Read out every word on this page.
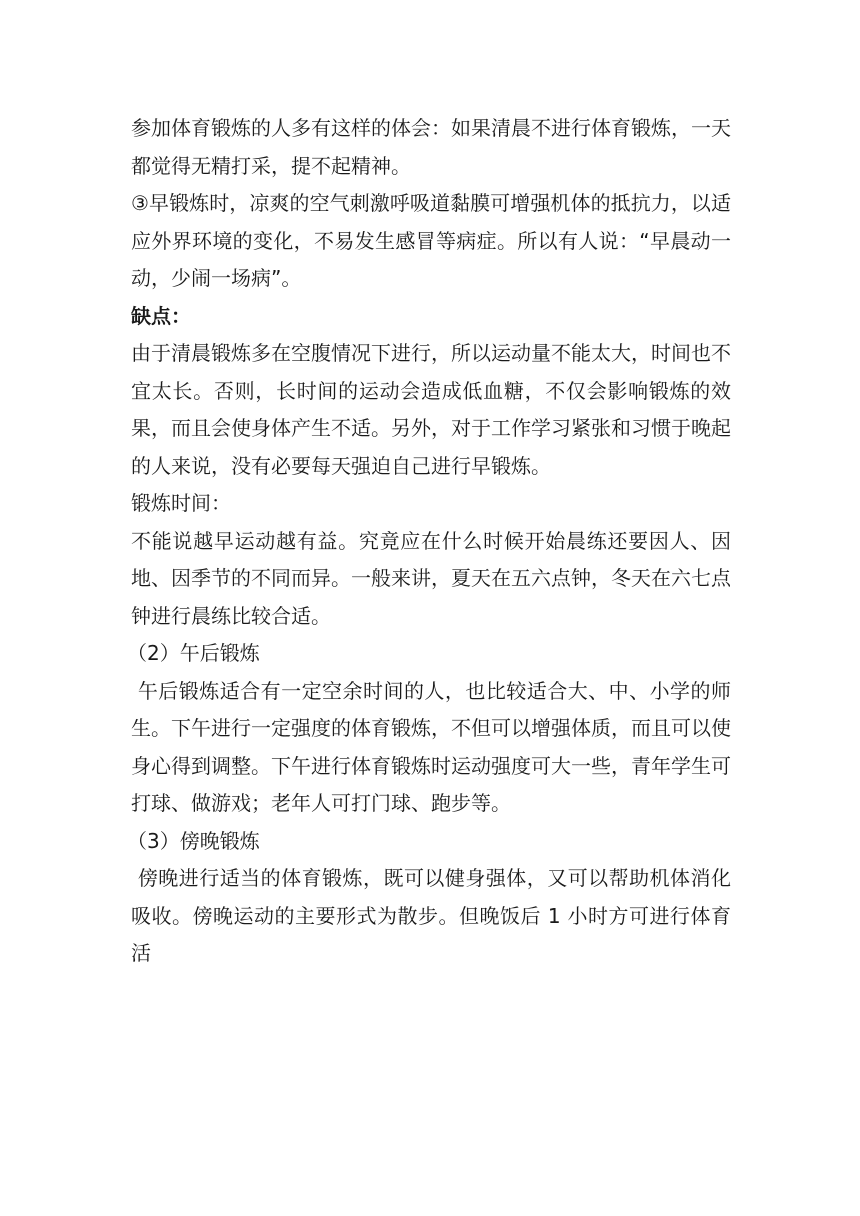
参加体育锻炼的人多有这样的体会：如果清晨不进行体育锻炼，一天都觉得无精打采，提不起精神。

③早锻炼时，凉爽的空气刺激呼吸道黏膜可增强机体的抵抗力，以适应外界环境的变化，不易发生感冒等病症。所以有人说：“早晨动一动，少闹一场病”。

缺点：

由于清晨锻炼多在空腹情况下进行，所以运动量不能太大，时间也不宜太长。否则，长时间的运动会造成低血糖，不仅会影响锻炼的效果，而且会使身体产生不适。另外，对于工作学习紧张和习惯于晚起的人来说，没有必要每天强迫自己进行早锻炼。

锻炼时间：

不能说越早运动越有益。究竟应在什么时候开始晨练还要因人、因地、因季节的不同而异。一般来讲，夏天在五六点钟，冬天在六七点钟进行晨练比较合适。

（2）午后锻炼

午后锻炼适合有一定空余时间的人，也比较适合大、中、小学的师生。下午进行一定强度的体育锻炼，不但可以增强体质，而且可以使身心得到调整。下午进行体育锻炼时运动强度可大一些，青年学生可打球、做游戏；老年人可打门球、跑步等。

（3）傍晚锻炼

傍晚进行适当的体育锻炼，既可以健身强体，又可以帮助机体消化吸收。傍晚运动的主要形式为散步。但晚饭后 1 小时方可进行体育活
